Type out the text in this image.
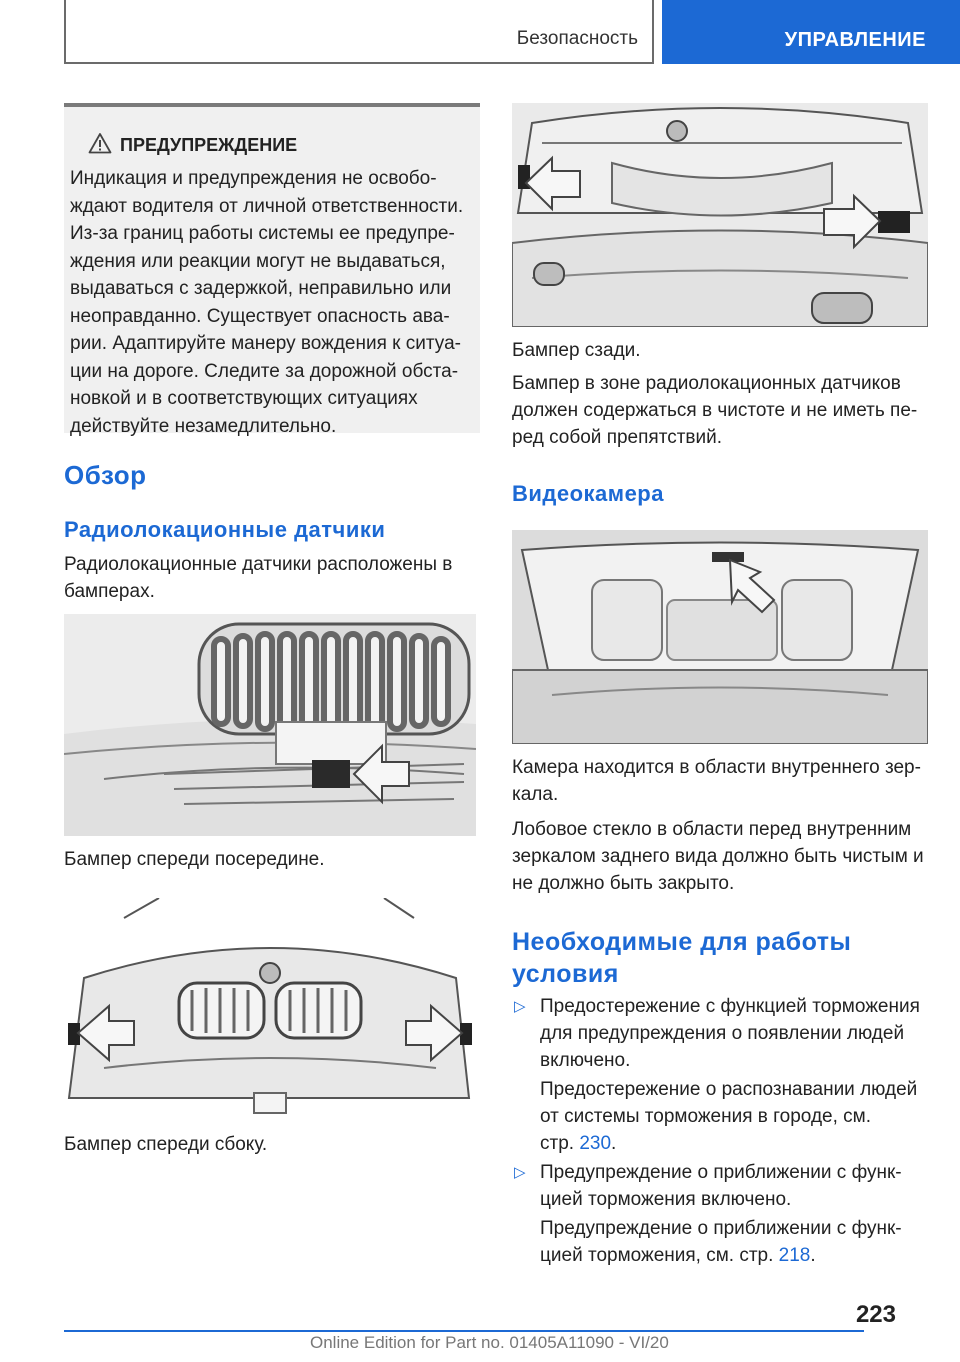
Безопасность	УПРАВЛЕНИЕ
ПРЕДУПРЕЖДЕНИЕ
Индикация и предупреждения не освобо-
ждают водителя от личной ответственности.
Из-за границ работы системы ее предупре-
ждения или реакции могут не выдаваться,
выдаваться с задержкой, неправильно или
неоправданно. Существует опасность ава-
рии. Адаптируйте манеру вождения к ситуа-
ции на дороге. Следите за дорожной обста-
новкой и в соответствующих ситуациях
действуйте незамедлительно.
Обзор
Радиолокационные датчики
Радиолокационные датчики расположены в
бамперах.
Бампер спереди посередине.
Бампер спереди сбоку.
Бампер сзади.
Бампер в зоне радиолокационных датчиков
должен содержаться в чистоте и не иметь пе-
ред собой препятствий.
Видеокамера
Камера находится в области внутреннего зер-
кала.
Лобовое стекло в области перед внутренним
зеркалом заднего вида должно быть чистым и
не должно быть закрыто.
Необходимые для работы
условия
▷ Предостережение с функцией торможения
для предупреждения о появлении людей
включено.
Предостережение о распознавании людей
от системы торможения в городе, см.
стр. 230.
▷ Предупреждение о приближении с функ-
цией торможения включено.
Предупреждение о приближении с функ-
цией торможения, см. стр. 218.
223
Online Edition for Part no. 01405A11090 - VI/20
